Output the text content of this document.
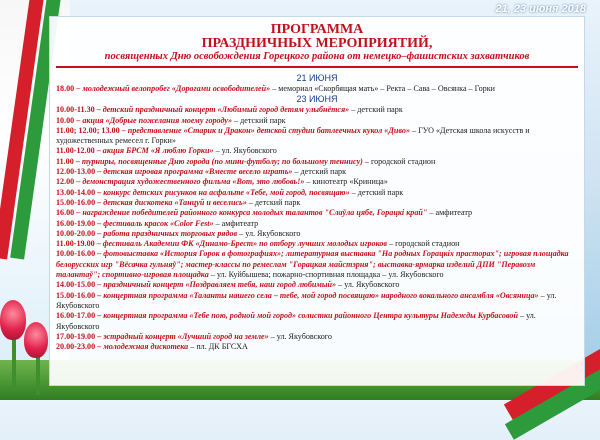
21, 23 июня 2018
ПРОГРАММА
ПРАЗДНИЧНЫХ МЕРОПРИЯТИЙ,
посвященных Дню освобождения Горецкого района от немецко–фашистских захватчиков
21 ИЮНЯ
18.00 – молодежный велопробег «Дорогами освободителей» – мемориал «Скорбящая мать» – Ректа – Сава – Овсянка – Горки
23 ИЮНЯ
10.00-11.30 – детский праздничный концерт «Любимый город детям улыбнётся» – детский парк
10.00 – акция «Добрые пожелания моему городу» – детский парк
11.00; 12.00; 13.00 – представление «Старик и Дракон» детской студии батлеечных кукол «Диво» – ГУО «Детская школа искусств и художественных ремесел г. Горки»
11.00-12.00 – акция БРСМ «Я люблю Горки» – ул. Якубовского
11.00 – турниры, посвященные Дню города (по мини-футболу; по большому теннису) – городской стадион
12.00-13.00 – детская игровая программа «Вместе весело играть» – детский парк
12.00 – демонстрация художественного фильма «Вот, это любовь!» – кинотеатр «Криница»
13.00-14.00 – конкурс детских рисунков на асфальте «Тебе, мой город, посвящаю» – детский парк
15.00-16.00 – детская дискотека «Танцуй и веселись» – детский парк
16.00 – награждение победителей районного конкурса молодых талантов "Слаўла цябе, Горацкі край" – амфитеатр
16.00-19.00 – фестиваль красок «Color Fest» – амфитеатр
10.00-20.00 – работа праздничных торговых рядов – ул. Якубовского
11.00-19.00 – фестиваль Академии ФК «Динамо-Брест» по отбору лучших молодых игроков – городской стадион
10.00-16.00 – фотовыставка «История Горок в фотографиях»; литературная выставка "На родных Горацкіх прасторах"; игровая площадка белорусских игр "Вёсачка гульняў"; мастер-классы по ремеслам "Горацкая майстэрня"; выставка-ярмарка изделий ДПИ "Перавозм талантаў"; спортивно-игровая площадка – ул. Куйбышева; пожарно-спортивная площадка – ул. Якубовского
14.00-15.00 – праздничный концерт «Поздравляем тебя, наш город любимый» – ул. Якубовского
15.00-16.00 – концертная программа «Таланты нашего села – тебе, мой город посвящаю» народного вокального ансамбля «Овсяница» – ул. Якубовского
16.00-17.00 – концертная программа «Тебе пою, родной мой город» солистки районного Центра культуры Надежды Курбасовой – ул. Якубовского
17.00-19.00 – эстрадный концерт «Лучший город на земле» – ул. Якубовского
20.00-23.00 – молодежная дискотека – пл. ДК БГСХА
